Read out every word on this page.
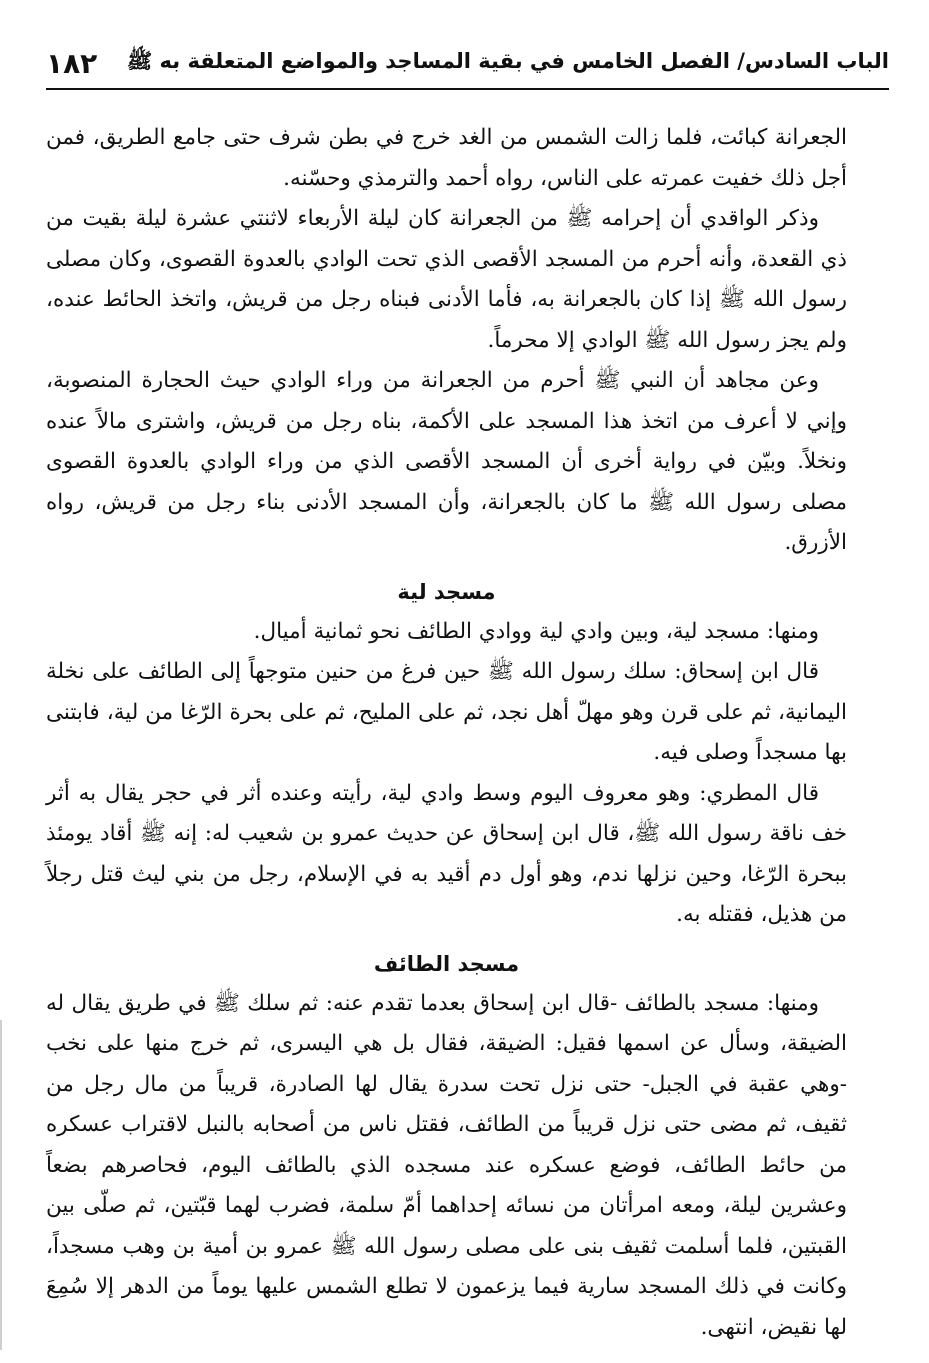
الباب السادس/ الفصل الخامس في بقية المساجد والمواضع المتعلقة به ﷺ
١٨٢

الجعرانة كبائت، فلما زالت الشمس من الغد خرج في بطن شرف حتى جامع الطريق، فمن أجل ذلك خفيت عمرته على الناس، رواه أحمد والترمذي وحسّنه.

وذكر الواقدي أن إحرامه ﷺ من الجعرانة كان ليلة الأربعاء لاثنتي عشرة ليلة بقيت من ذي القعدة، وأنه أحرم من المسجد الأقصى الذي تحت الوادي بالعدوة القصوى، وكان مصلى رسول الله ﷺ إذا كان بالجعرانة به، فأما الأدنى فبناه رجل من قريش، واتخذ الحائط عنده، ولم يجز رسول الله ﷺ الوادي إلا محرماً.

وعن مجاهد أن النبي ﷺ أحرم من الجعرانة من وراء الوادي حيث الحجارة المنصوبة، وإني لا أعرف من اتخذ هذا المسجد على الأكمة، بناه رجل من قريش، واشترى مالاً عنده ونخلاً. وبيّن في رواية أخرى أن المسجد الأقصى الذي من وراء الوادي بالعدوة القصوى مصلى رسول الله ﷺ ما كان بالجعرانة، وأن المسجد الأدنى بناء رجل من قريش، رواه الأزرق.

مسجد لية

ومنها: مسجد لية، وبين وادي لية ووادي الطائف نحو ثمانية أميال.

قال ابن إسحاق: سلك رسول الله ﷺ حين فرغ من حنين متوجهاً إلى الطائف على نخلة اليمانية، ثم على قرن وهو مهلّ أهل نجد، ثم على المليح، ثم على بحرة الرّغا من لية، فابتنى بها مسجداً وصلى فيه.

قال المطري: وهو معروف اليوم وسط وادي لية، رأيته وعنده أثر في حجر يقال به أثر خف ناقة رسول الله ﷺ، قال ابن إسحاق عن حديث عمرو بن شعيب له: إنه ﷺ أقاد يومئذ ببحرة الرّغا، وحين نزلها ندم، وهو أول دم أقيد به في الإسلام، رجل من بني ليث قتل رجلاً من هذيل، فقتله به.

مسجد الطائف

ومنها: مسجد بالطائف -قال ابن إسحاق بعدما تقدم عنه: ثم سلك ﷺ في طريق يقال له الضيقة، وسأل عن اسمها فقيل: الضيقة، فقال بل هي اليسرى، ثم خرج منها على نخب -وهي عقبة في الجبل- حتى نزل تحت سدرة يقال لها الصادرة، قريباً من مال رجل من ثقيف، ثم مضى حتى نزل قريباً من الطائف، فقتل ناس من أصحابه بالنبل لاقتراب عسكره من حائط الطائف، فوضع عسكره عند مسجده الذي بالطائف اليوم، فحاصرهم بضعاً وعشرين ليلة، ومعه امرأتان من نسائه إحداهما أمّ سلمة، فضرب لهما قبّتين، ثم صلّى بين القبتين، فلما أسلمت ثقيف بنى على مصلى رسول الله ﷺ عمرو بن أمية بن وهب مسجداً، وكانت في ذلك المسجد سارية فيما يزعمون لا تطلع الشمس عليها يوماً من الدهر إلا سُمِعَ لها نقيض، انتهى.
